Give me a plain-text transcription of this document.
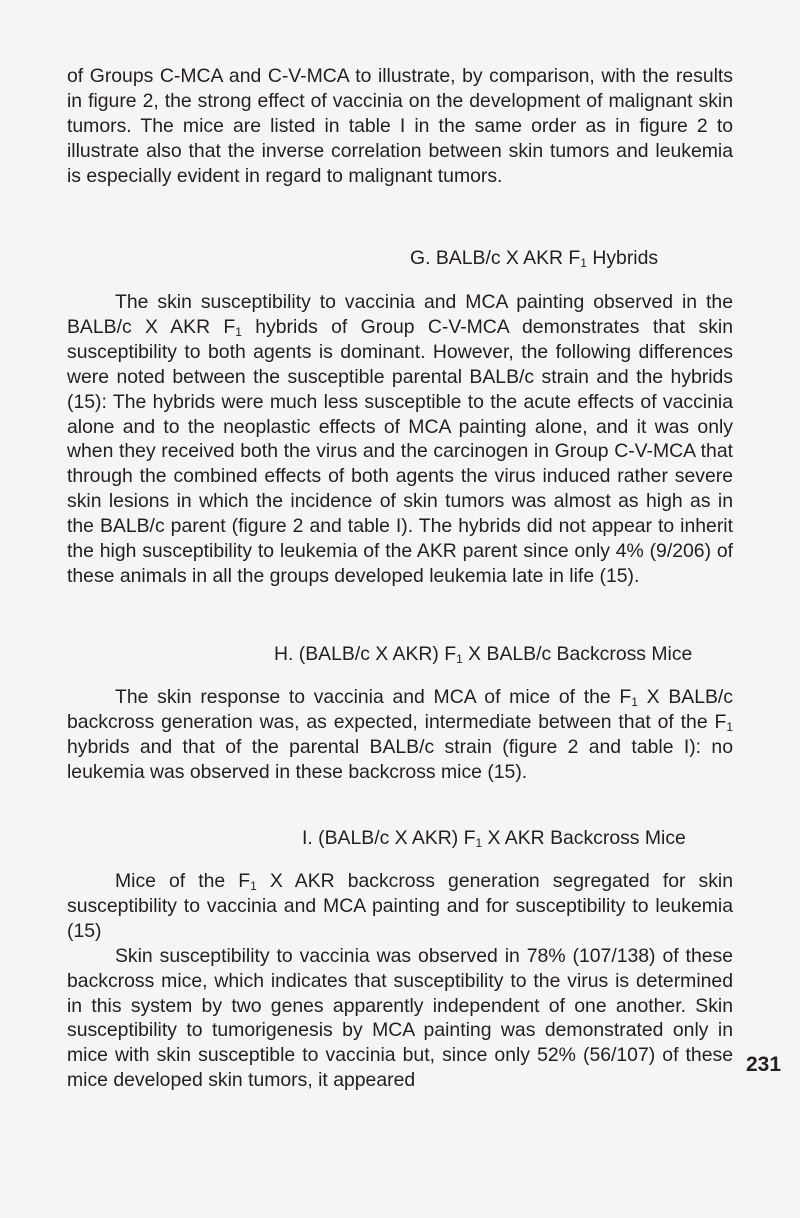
of Groups C-MCA and C-V-MCA to illustrate, by comparison, with the results in figure 2, the strong effect of vaccinia on the development of malignant skin tumors. The mice are listed in table I in the same order as in figure 2 to illustrate also that the inverse correlation between skin tumors and leukemia is especially evident in regard to malignant tumors.

G. BALB/c X AKR $F_1$ Hybrids

The skin susceptibility to vaccinia and MCA painting observed in the BALB/c X AKR $F_1$ hybrids of Group C-V-MCA demonstrates that skin susceptibility to both agents is dominant. However, the following differences were noted between the susceptible parental BALB/c strain and the hybrids (15): The hybrids were much less susceptible to the acute effects of vaccinia alone and to the neoplastic effects of MCA painting alone, and it was only when they received both the virus and the carcinogen in Group C-V-MCA that through the combined effects of both agents the virus induced rather severe skin lesions in which the incidence of skin tumors was almost as high as in the BALB/c parent (figure 2 and table I). The hybrids did not appear to inherit the high susceptibility to leukemia of the AKR parent since only 4% (9/206) of these animals in all the groups developed leukemia late in life (15).

H. (BALB/c X AKR) $F_1$ X BALB/c Backcross Mice

The skin response to vaccinia and MCA of mice of the $F_1$ X BALB/c backcross generation was, as expected, intermediate between that of the $F_1$ hybrids and that of the parental BALB/c strain (figure 2 and table I): no leukemia was observed in these backcross mice (15).

I. (BALB/c X AKR) $F_1$ X AKR Backcross Mice

Mice of the $F_1$ X AKR backcross generation segregated for skin susceptibility to vaccinia and MCA painting and for susceptibility to leukemia (15)

Skin susceptibility to vaccinia was observed in 78% (107/138) of these backcross mice, which indicates that susceptibility to the virus is determined in this system by two genes apparently independent of one another. Skin susceptibility to tumorigenesis by MCA painting was demonstrated only in mice with skin susceptible to vaccinia but, since only 52% (56/107) of these mice developed skin tumors, it appeared

231
